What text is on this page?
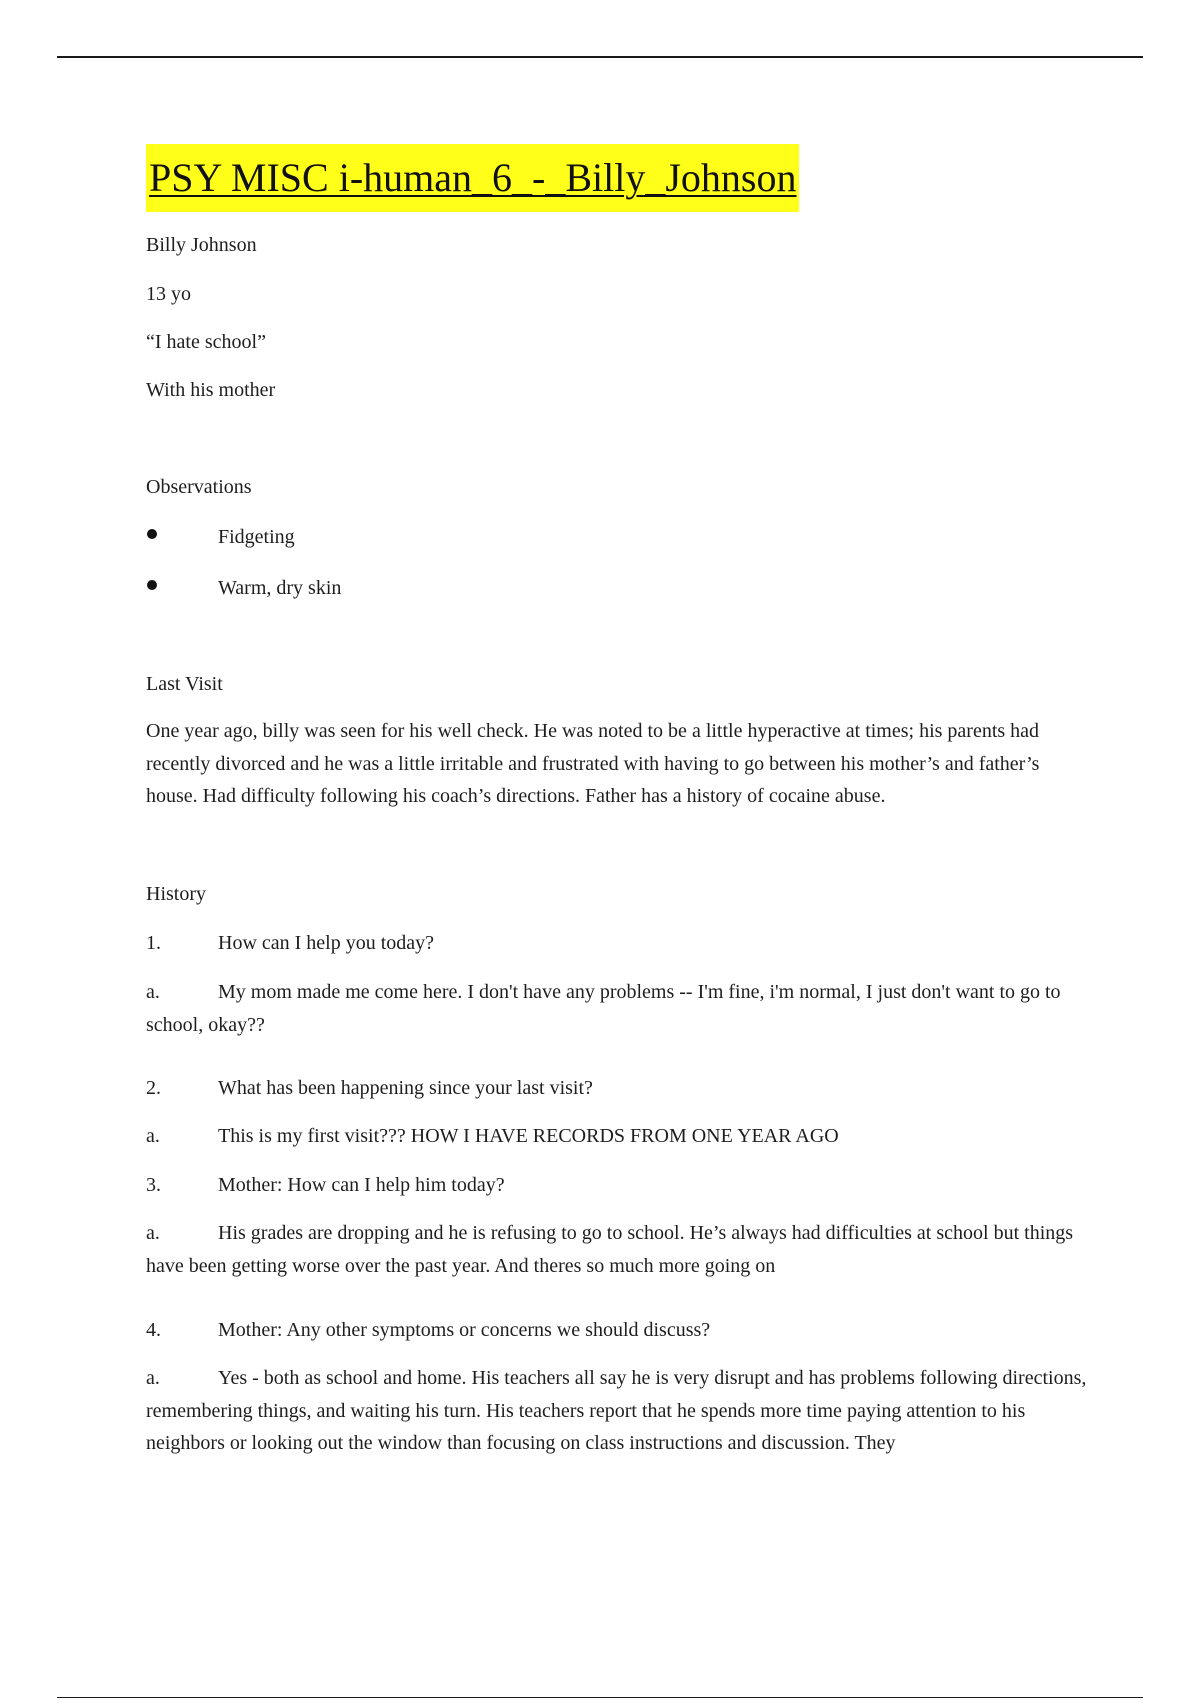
PSY MISC i-human_6_-_Billy_Johnson

Billy Johnson

13 yo

“I hate school”

With his mother

Observations

Fidgeting
Warm, dry skin

Last Visit

One year ago, billy was seen for his well check. He was noted to be a little hyperactive at times; his parents had recently divorced and he was a little irritable and frustrated with having to go between his mother’s and father’s house. Had difficulty following his coach’s directions. Father has a history of cocaine abuse.

History

1.	How can I help you today?

a.	My mom made me come here. I don't have any problems -- I'm fine, i'm normal, I just don't want to go to school, okay??

2.	What has been happening since your last visit?

a.	This is my first visit??? HOW I HAVE RECORDS FROM ONE YEAR AGO

3.	Mother: How can I help him today?

a.	His grades are dropping and he is refusing to go to school. He’s always had difficulties at school but things have been getting worse over the past year. And theres so much more going on

4.	Mother: Any other symptoms or concerns we should discuss?

a.	Yes - both as school and home. His teachers all say he is very disrupt and has problems following directions, remembering things, and waiting his turn. His teachers report that he spends more time paying attention to his neighbors or looking out the window than focusing on class instructions and discussion. They
